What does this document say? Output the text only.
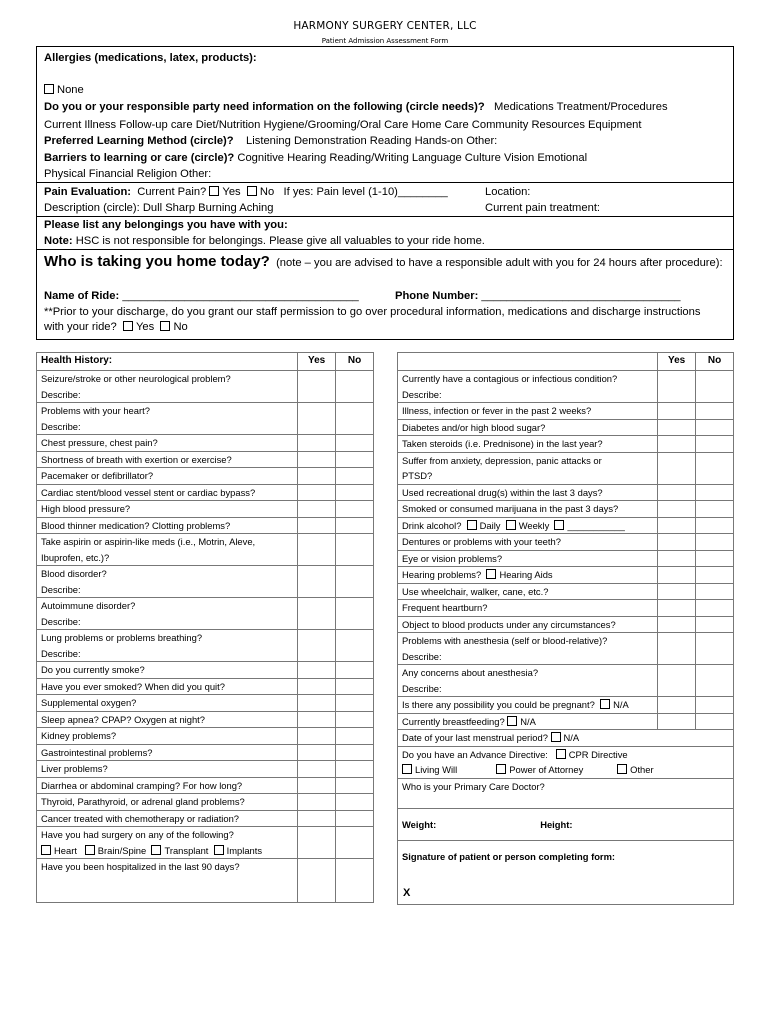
HARMONY SURGERY CENTER, LLC
Patient Admission Assessment Form
Allergies (medications, latex, products):
None
Do you or your responsible party need information on the following (circle needs)? Medications Treatment/Procedures
Current Illness Follow-up care Diet/Nutrition Hygiene/Grooming/Oral Care Home Care Community Resources Equipment
Preferred Learning Method (circle)? Listening Demonstration Reading Hands-on Other:
Barriers to learning or care (circle)? Cognitive Hearing Reading/Writing Language Culture Vision Emotional
Physical Financial Religion Other:
Pain Evaluation: Current Pain? Yes No If yes: Pain level (1-10)________	Location:
Description (circle): Dull Sharp Burning Aching	Current pain treatment:
Please list any belongings you have with you:
Note: HSC is not responsible for belongings. Please give all valuables to your ride home.
Who is taking you home today? (note – you are advised to have a responsible adult with you for 24 hours after procedure):
Name of Ride: ______________________________________	Phone Number: ________________________________
**Prior to your discharge, do you grant our staff permission to go over procedural information, medications and discharge instructions
with your ride? Yes No
Health History:	Yes	No
Seizure/stroke or other neurological problem?
Describe:		
Problems with your heart?
Describe:		
Chest pressure, chest pain?		
Shortness of breath with exertion or exercise?		
Pacemaker or defibrillator?		
Cardiac stent/blood vessel stent or cardiac bypass?		
High blood pressure?		
Blood thinner medication? Clotting problems?		
Take aspirin or aspirin-like meds (i.e., Motrin, Aleve,
Ibuprofen, etc.)?		
Blood disorder?
Describe:		
Autoimmune disorder?
Describe:		
Lung problems or problems breathing?
Describe:		
Do you currently smoke?		
Have you ever smoked? When did you quit?		
Supplemental oxygen?		
Sleep apnea? CPAP? Oxygen at night?		
Kidney problems?		
Gastrointestinal problems?		
Liver problems?		
Diarrhea or abdominal cramping? For how long?		
Thyroid, Parathyroid, or adrenal gland problems?		
Cancer treated with chemotherapy or radiation?		
Have you had surgery on any of the following?
Heart Brain/Spine Transplant Implants		
Have you been hospitalized in the last 90 days?		
	Yes	No
Currently have a contagious or infectious condition?
Describe:		
Illness, infection or fever in the past 2 weeks?		
Diabetes and/or high blood sugar?		
Taken steroids (i.e. Prednisone) in the last year?		
Suffer from anxiety, depression, panic attacks or
PTSD?		
Used recreational drug(s) within the last 3 days?		
Smoked or consumed marijuana in the past 3 days?		
Drink alcohol? Daily Weekly ___________		
Dentures or problems with your teeth?		
Eye or vision problems?		
Hearing problems? Hearing Aids		
Use wheelchair, walker, cane, etc.?		
Frequent heartburn?		
Object to blood products under any circumstances?		
Problems with anesthesia (self or blood-relative)?
Describe:		
Any concerns about anesthesia?
Describe:		
Is there any possibility you could be pregnant? N/A		
Currently breastfeeding? N/A		
Date of your last menstrual period? N/A		
Do you have an Advance Directive: CPR Directive
Living Will Power of Attorney Other		
Who is your Primary Care Doctor?		
Weight: Height:		
Signature of patient or person completing form:
X		
